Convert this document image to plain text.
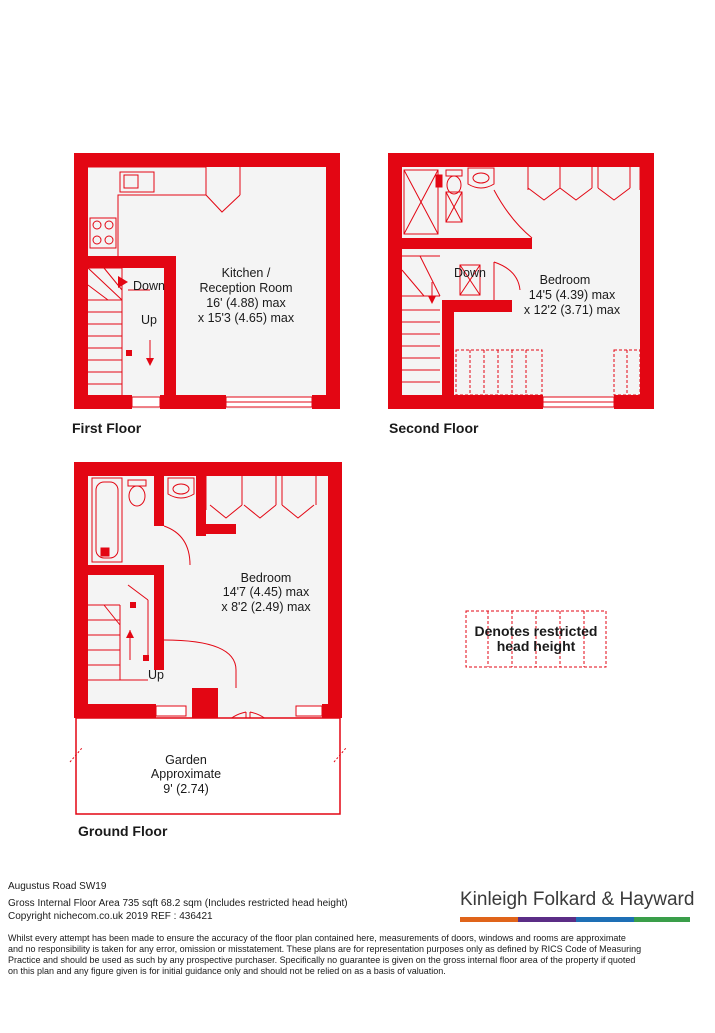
Kitchen /
Reception Room
16' (4.88) max
x 15'3 (4.65) max
Down
Up
First Floor
Bedroom
14'5 (4.39) max
x 12'2 (3.71) max
Down
Second Floor
Bedroom
14'7 (4.45) max
x 8'2 (2.49) max
Up
Garden
Approximate
9' (2.74)
Ground Floor
Denotes restricted
head height
Augustus Road SW19
Gross Internal Floor Area 735 sqft 68.2 sqm (Includes restricted head height)
Copyright nichecom.co.uk 2019 REF : 436421
Kinleigh Folkard & Hayward
Whilst every attempt has been made to ensure the accuracy of the floor plan contained here, measurements of doors, windows and rooms are approximate
and no responsibility is taken for any error, omission or misstatement. These plans are for representation purposes only as defined by RICS Code of Measuring
Practice and should be used as such by any prospective purchaser. Specifically no guarantee is given on the gross internal floor area of the property if quoted
on this plan and any figure given is for initial guidance only and should not be relied on as a basis of valuation.
